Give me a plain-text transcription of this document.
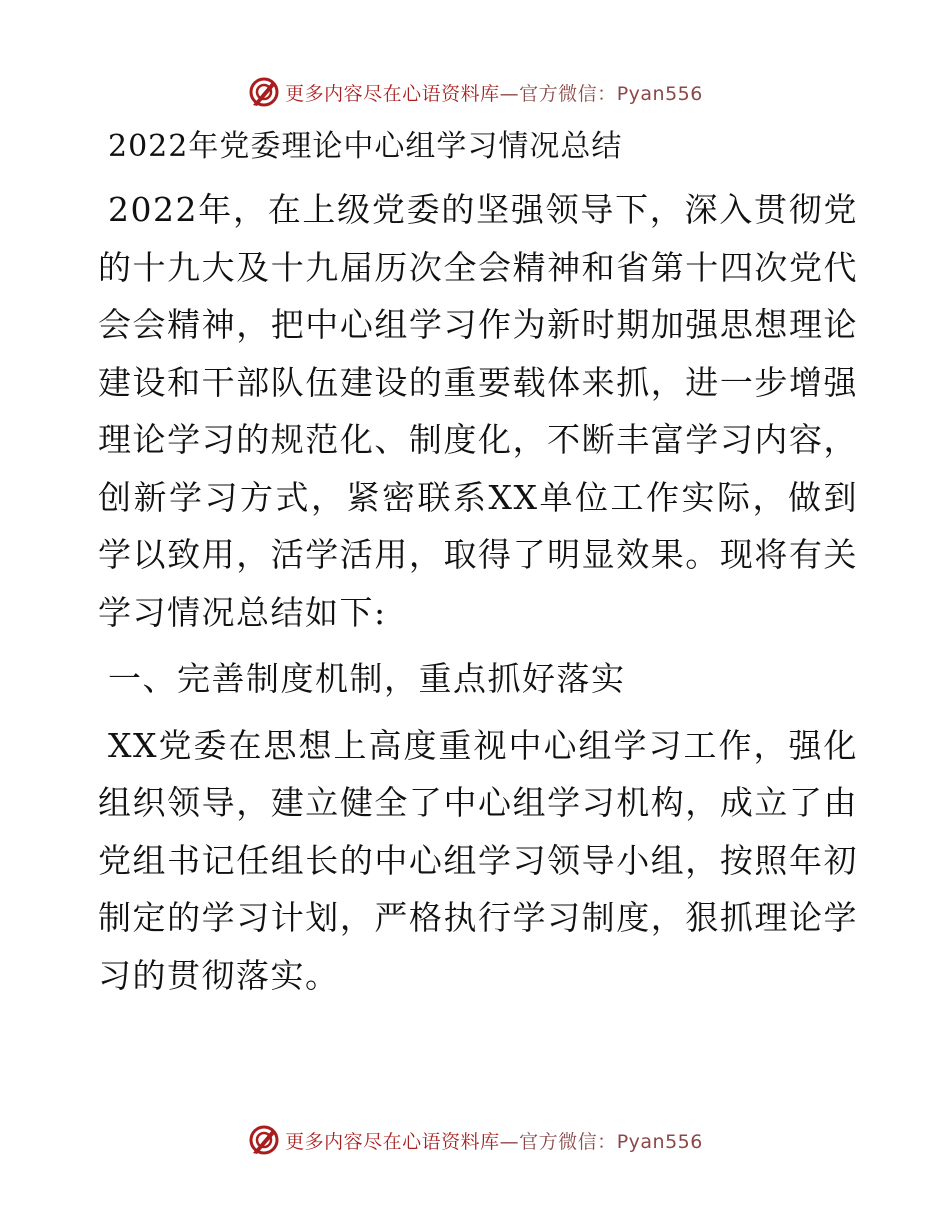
更多内容尽在心语资料库—官方微信：Pyan556
2022年党委理论中心组学习情况总结

2022年，在上级党委的坚强领导下，深入贯彻党的十九大及十九届历次全会精神和省第十四次党代会会精神，把中心组学习作为新时期加强思想理论建设和干部队伍建设的重要载体来抓，进一步增强理论学习的规范化、制度化，不断丰富学习内容，创新学习方式，紧密联系XX单位工作实际，做到学以致用，活学活用，取得了明显效果。现将有关学习情况总结如下:

一、完善制度机制，重点抓好落实

XX党委在思想上高度重视中心组学习工作，强化组织领导，建立健全了中心组学习机构，成立了由党组书记任组长的中心组学习领导小组，按照年初制定的学习计划，严格执行学习制度，狠抓理论学习的贯彻落实。

更多内容尽在心语资料库—官方微信：Pyan556
